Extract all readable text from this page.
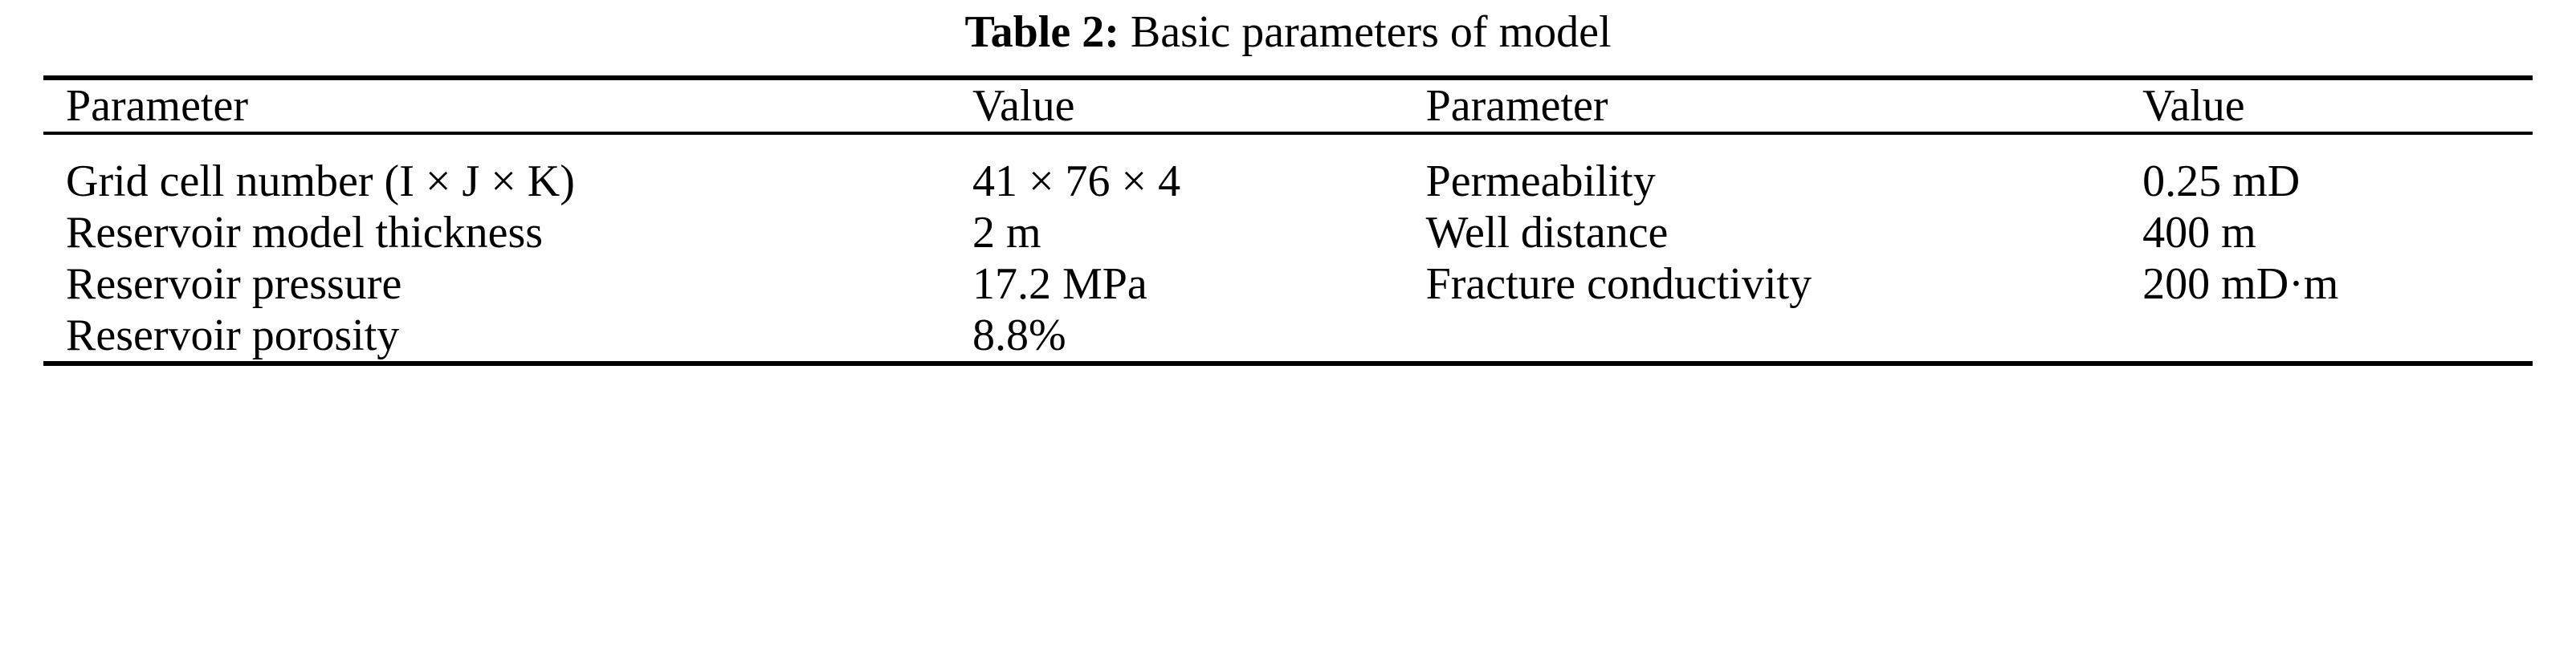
Table 2: Basic parameters of model

Parameter	Value	Parameter	Value
Grid cell number (I × J × K)	41 × 76 × 4	Permeability	0.25 mD
Reservoir model thickness	2 m	Well distance	400 m
Reservoir pressure	17.2 MPa	Fracture conductivity	200 mD·m
Reservoir porosity	8.8%		
